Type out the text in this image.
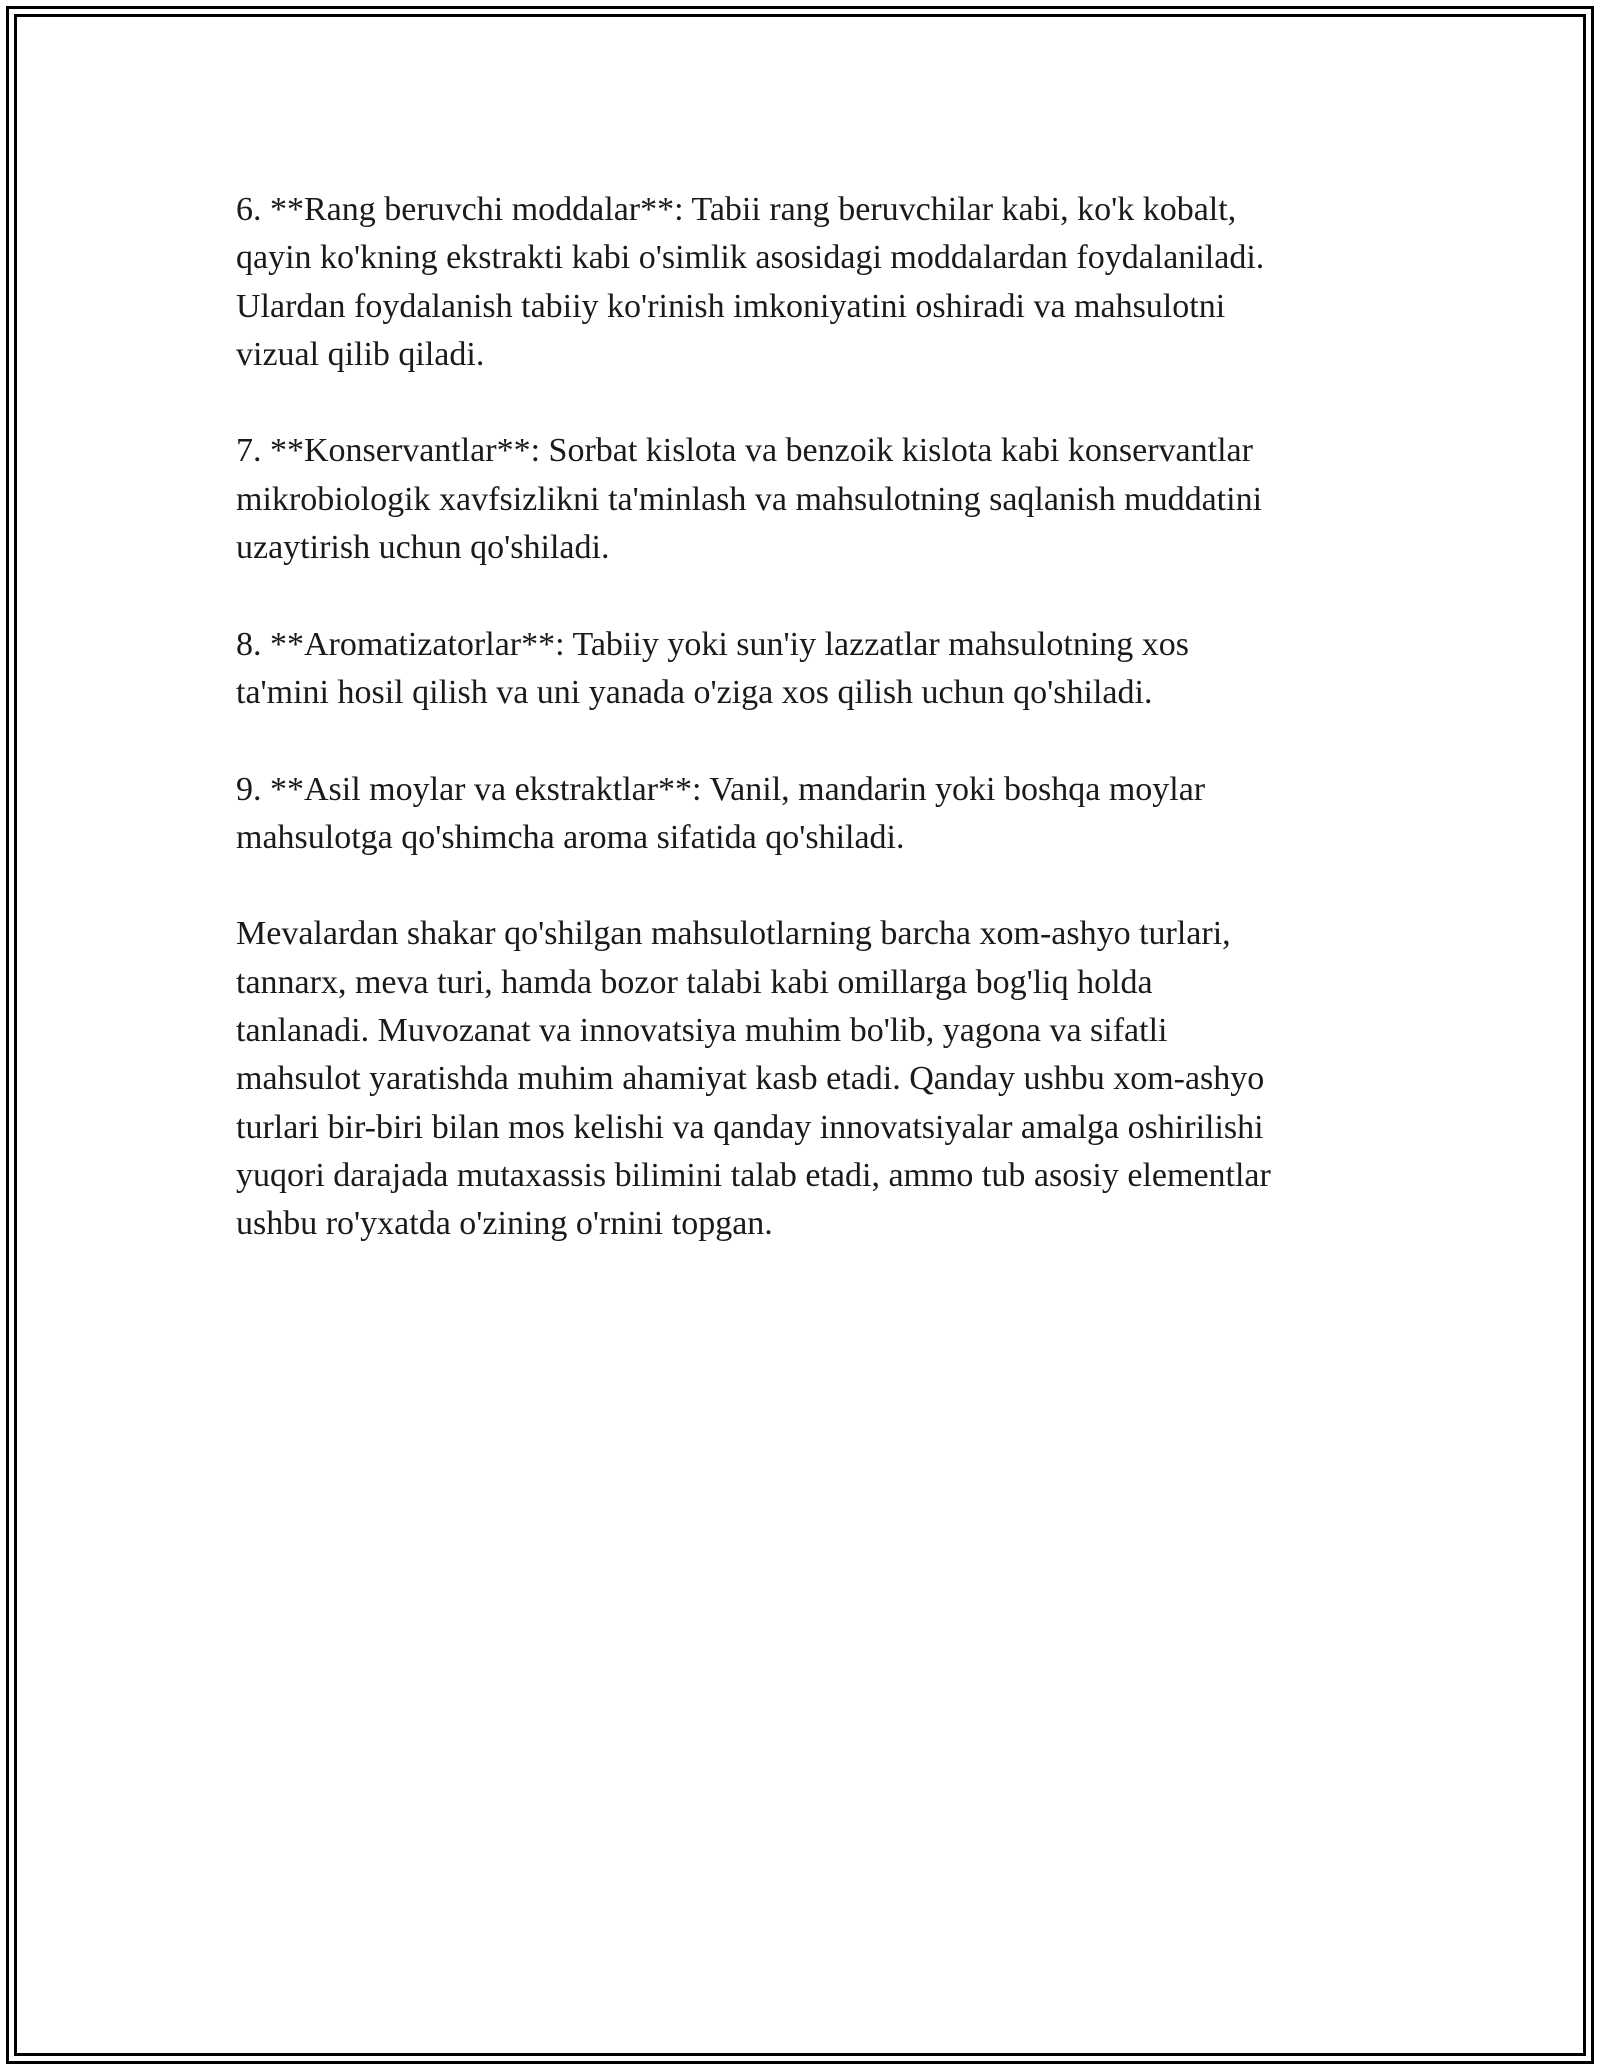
6. **Rang beruvchi moddalar**: Tabii rang beruvchilar kabi, ko'k kobalt,
qayin ko'kning ekstrakti kabi o'simlik asosidagi moddalardan foydalaniladi.
Ulardan foydalanish tabiiy ko'rinish imkoniyatini oshiradi va mahsulotni
vizual qilib qiladi.

7. **Konservantlar**: Sorbat kislota va benzoik kislota kabi konservantlar
mikrobiologik xavfsizlikni ta'minlash va mahsulotning saqlanish muddatini
uzaytirish uchun qo'shiladi.

8. **Aromatizatorlar**: Tabiiy yoki sun'iy lazzatlar mahsulotning xos
ta'mini hosil qilish va uni yanada o'ziga xos qilish uchun qo'shiladi.

9. **Asil moylar va ekstraktlar**: Vanil, mandarin yoki boshqa moylar
mahsulotga qo'shimcha aroma sifatida qo'shiladi.

Mevalardan shakar qo'shilgan mahsulotlarning barcha xom-ashyo turlari,
tannarx, meva turi, hamda bozor talabi kabi omillarga bog'liq holda
tanlanadi. Muvozanat va innovatsiya muhim bo'lib, yagona va sifatli
mahsulot yaratishda muhim ahamiyat kasb etadi. Qanday ushbu xom-ashyo
turlari bir-biri bilan mos kelishi va qanday innovatsiyalar amalga oshirilishi
yuqori darajada mutaxassis bilimini talab etadi, ammo tub asosiy elementlar
ushbu ro'yxatda o'zining o'rnini topgan.
